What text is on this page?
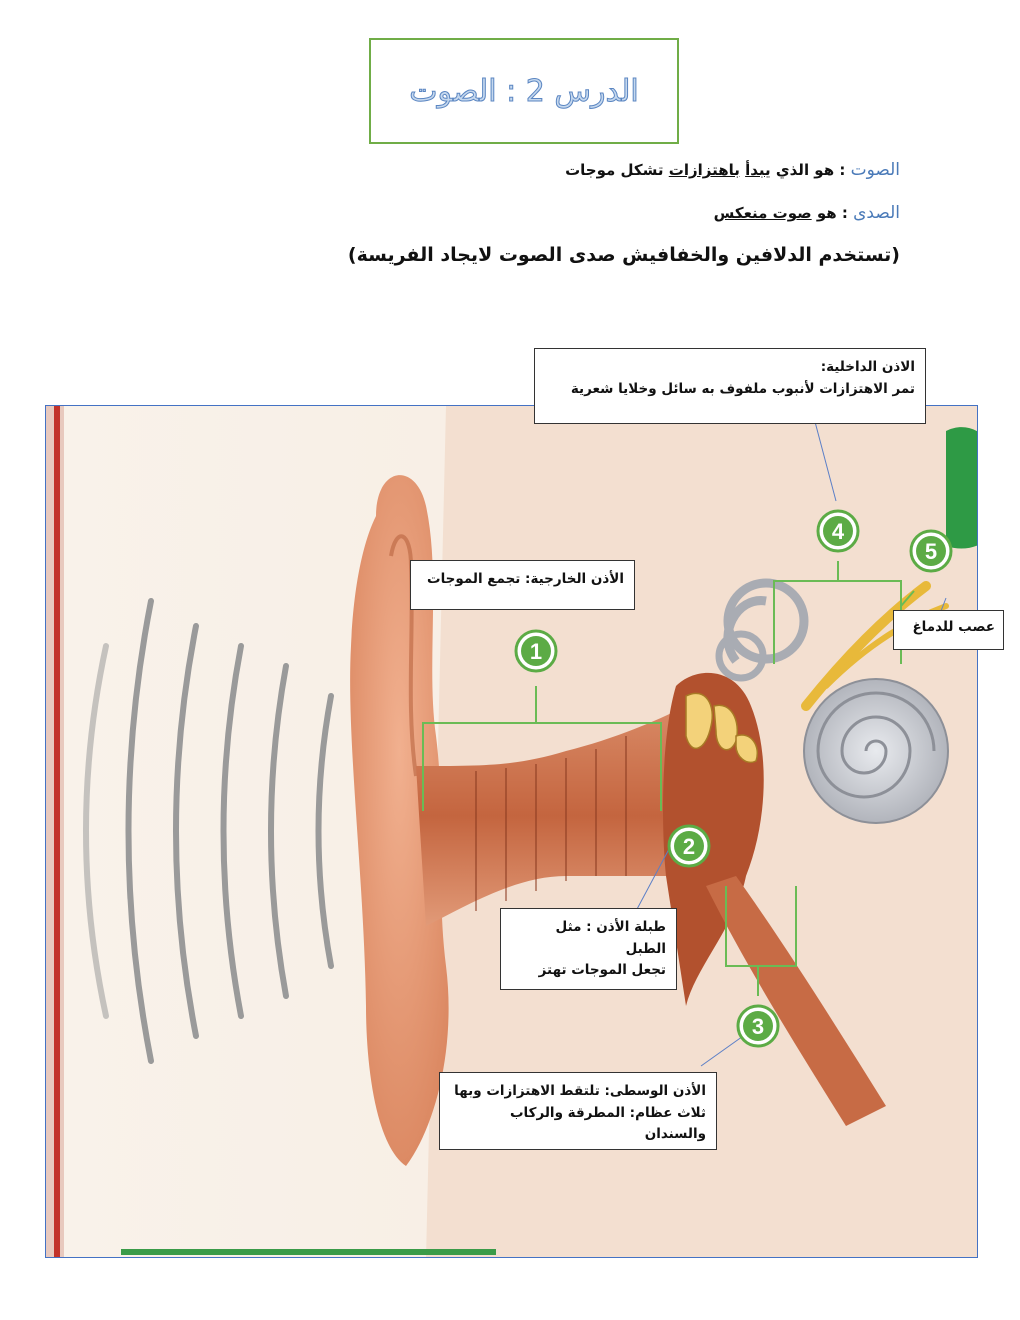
الدرس 2 : الصوت
الصوت : هو الذي يبدأ باهتزازات تشكل موجات
الصدى : هو صوت منعكس
(تستخدم الدلافين والخفافيش صدى الصوت لايجاد الفريسة)
1
2
3
4
5
الاذن الداخلية:
تمر الاهتزازات لأنبوب ملفوف به سائل وخلايا شعرية
الأذن الخارجية: تجمع الموجات
عصب للدماغ
طبلة الأذن : مثل الطبل
تجعل الموجات تهتز
الأذن الوسطى: تلتقط الاهتزازات وبها
ثلاث عظام: المطرقة والركاب والسندان
